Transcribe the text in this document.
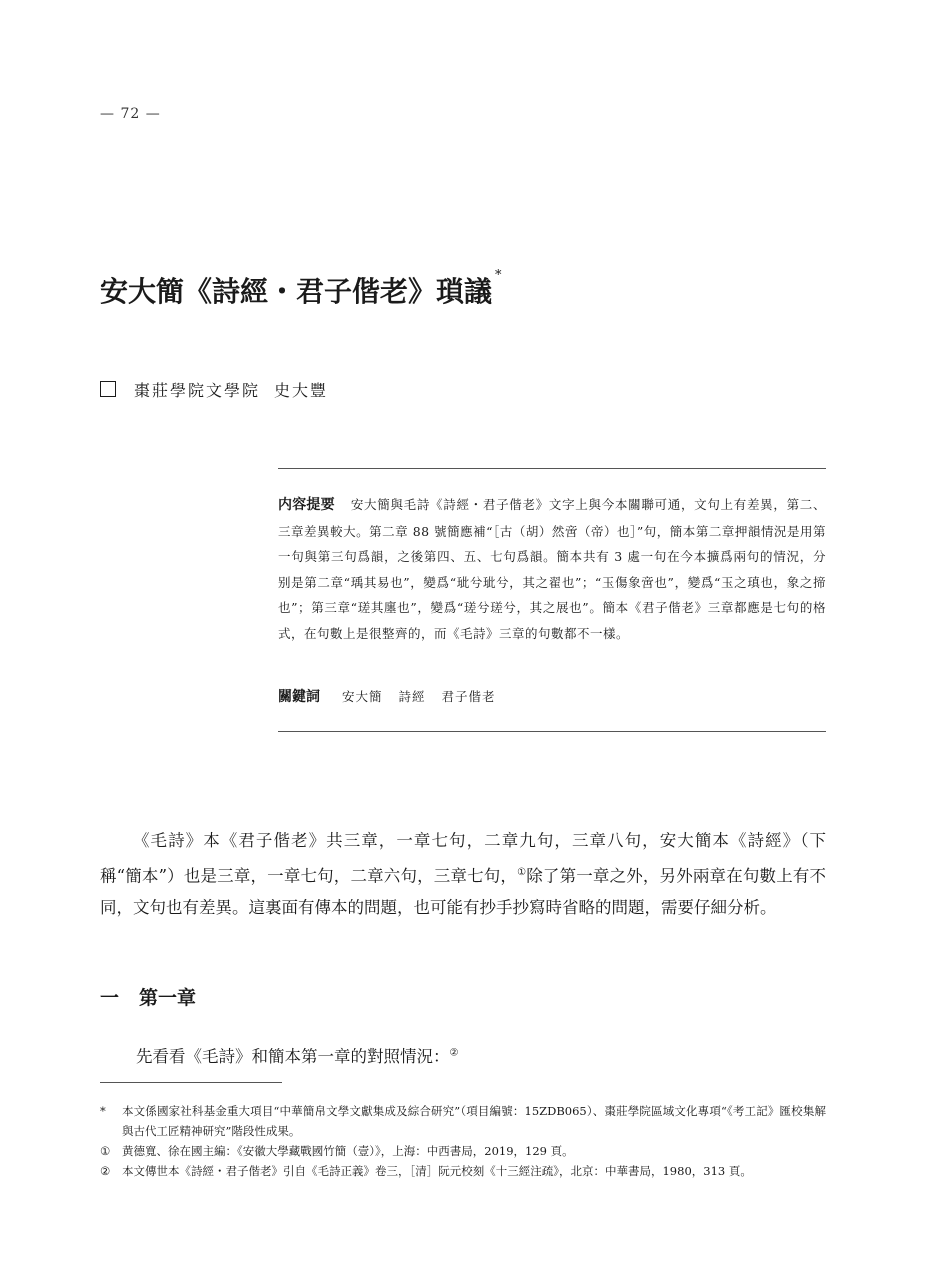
— 72 —
安大簡《詩經・君子偕老》瑣議 *
棗莊學院文學院 史大豐

内容提要 安大簡與毛詩《詩經・君子偕老》文字上與今本關聯可通，文句上有差異，第二、三章差異較大。第二章 88 號簡應補“［古（胡）然啻（帝）也］”句，簡本第二章押韻情況是用第一句與第三句爲韻，之後第四、五、七句爲韻。簡本共有 3 處一句在今本擴爲兩句的情況，分别是第二章“瑀其易也”，變爲“玼兮玼兮，其之翟也”；“玉傷象啻也”，變爲“玉之瑱也，象之揥也”；第三章“瑳其廛也”，變爲“瑳兮瑳兮，其之展也”。簡本《君子偕老》三章都應是七句的格式，在句數上是很整齊的，而《毛詩》三章的句數都不一樣。

關鍵詞 安大簡 詩經 君子偕老

《毛詩》本《君子偕老》共三章，一章七句，二章九句，三章八句，安大簡本《詩經》（下稱“簡本”）也是三章，一章七句，二章六句，三章七句，①除了第一章之外，另外兩章在句數上有不同，文句也有差異。這裏面有傳本的問題，也可能有抄手抄寫時省略的問題，需要仔細分析。

一 第一章

先看看《毛詩》和簡本第一章的對照情況：②

*	本文係國家社科基金重大項目“中華簡帛文學文獻集成及綜合研究”（項目編號：15ZDB065）、棗莊學院區域文化專項“《考工記》匯校集解與古代工匠精神研究”階段性成果。
①	黄德寬、徐在國主編：《安徽大學藏戰國竹簡（壹）》，上海：中西書局，2019，129 頁。
②	本文傳世本《詩經・君子偕老》引自《毛詩正義》卷三，［清］阮元校刻《十三經注疏》，北京：中華書局，1980，313 頁。
